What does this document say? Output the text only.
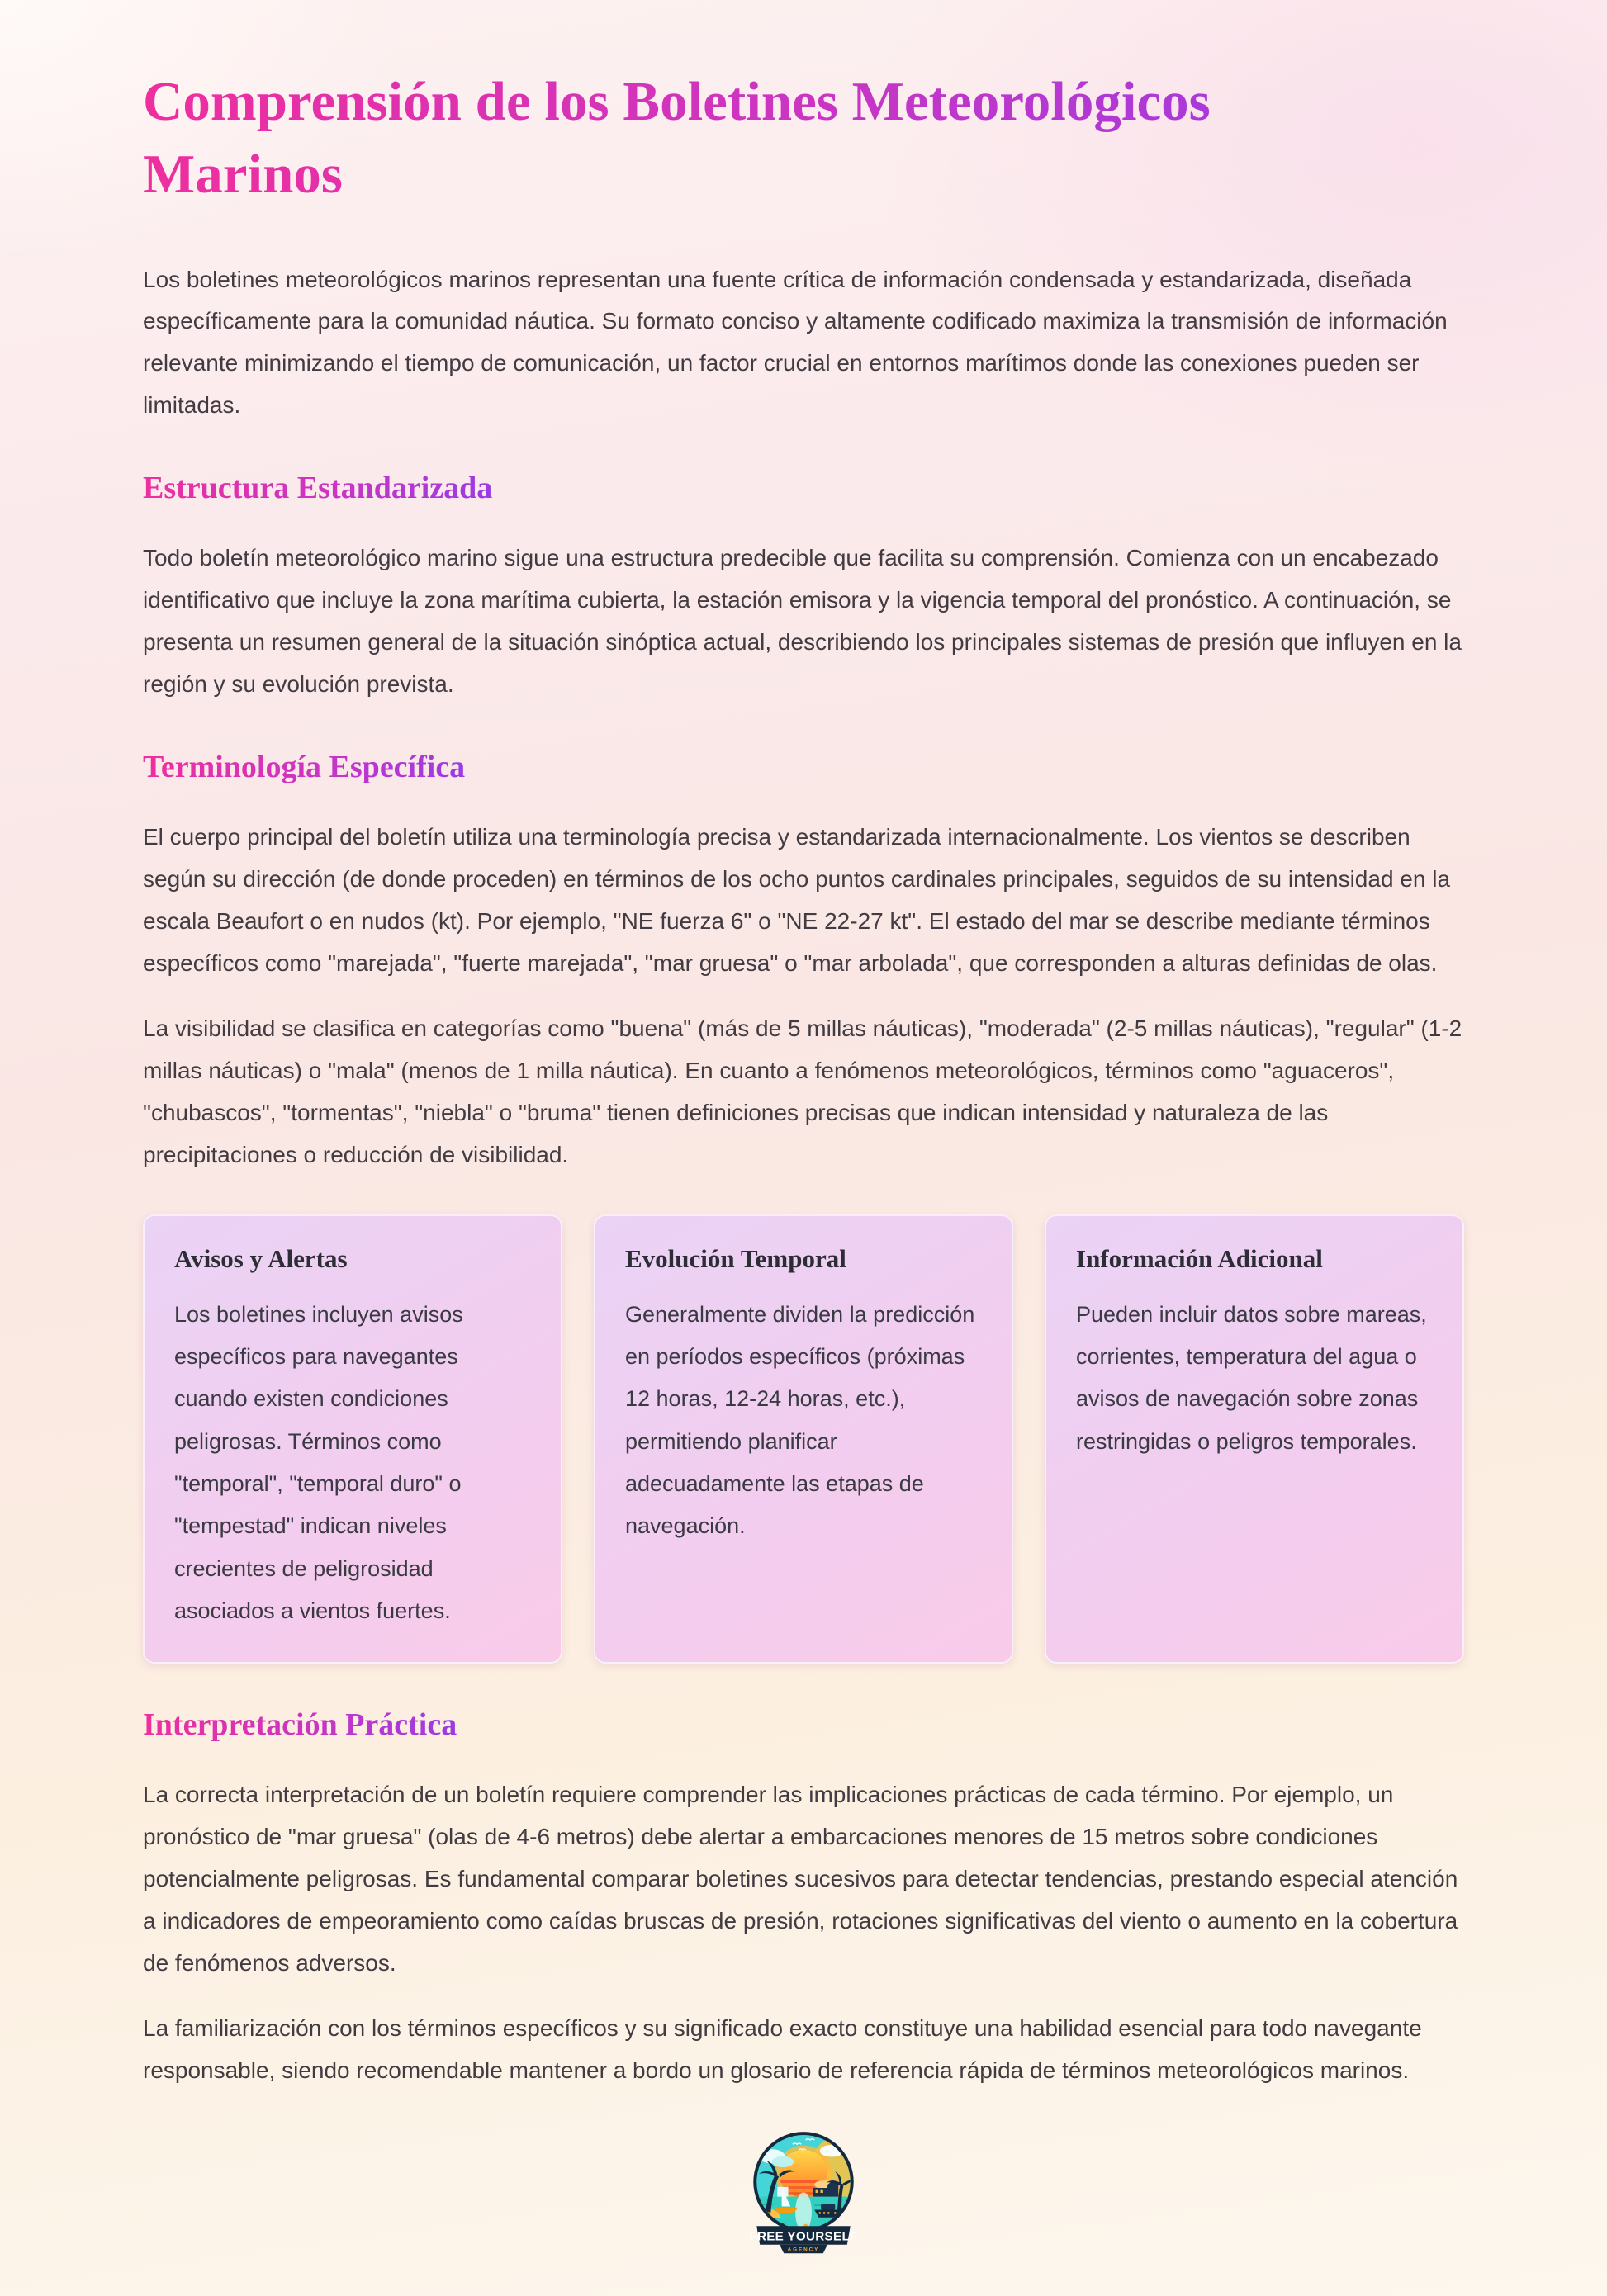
Comprensión de los Boletines Meteorológicos Marinos

Los boletines meteorológicos marinos representan una fuente crítica de información condensada y estandarizada, diseñada específicamente para la comunidad náutica. Su formato conciso y altamente codificado maximiza la transmisión de información relevante minimizando el tiempo de comunicación, un factor crucial en entornos marítimos donde las conexiones pueden ser limitadas.

Estructura Estandarizada

Todo boletín meteorológico marino sigue una estructura predecible que facilita su comprensión. Comienza con un encabezado identificativo que incluye la zona marítima cubierta, la estación emisora y la vigencia temporal del pronóstico. A continuación, se presenta un resumen general de la situación sinóptica actual, describiendo los principales sistemas de presión que influyen en la región y su evolución prevista.

Terminología Específica

El cuerpo principal del boletín utiliza una terminología precisa y estandarizada internacionalmente. Los vientos se describen según su dirección (de donde proceden) en términos de los ocho puntos cardinales principales, seguidos de su intensidad en la escala Beaufort o en nudos (kt). Por ejemplo, "NE fuerza 6" o "NE 22-27 kt". El estado del mar se describe mediante términos específicos como "marejada", "fuerte marejada", "mar gruesa" o "mar arbolada", que corresponden a alturas definidas de olas.

La visibilidad se clasifica en categorías como "buena" (más de 5 millas náuticas), "moderada" (2-5 millas náuticas), "regular" (1-2 millas náuticas) o "mala" (menos de 1 milla náutica). En cuanto a fenómenos meteorológicos, términos como "aguaceros", "chubascos", "tormentas", "niebla" o "bruma" tienen definiciones precisas que indican intensidad y naturaleza de las precipitaciones o reducción de visibilidad.

Avisos y Alertas

Los boletines incluyen avisos específicos para navegantes cuando existen condiciones peligrosas. Términos como "temporal", "temporal duro" o "tempestad" indican niveles crecientes de peligrosidad asociados a vientos fuertes.

Evolución Temporal

Generalmente dividen la predicción en períodos específicos (próximas 12 horas, 12-24 horas, etc.), permitiendo planificar adecuadamente las etapas de navegación.

Información Adicional

Pueden incluir datos sobre mareas, corrientes, temperatura del agua o avisos de navegación sobre zonas restringidas o peligros temporales.

Interpretación Práctica

La correcta interpretación de un boletín requiere comprender las implicaciones prácticas de cada término. Por ejemplo, un pronóstico de "mar gruesa" (olas de 4-6 metros) debe alertar a embarcaciones menores de 15 metros sobre condiciones potencialmente peligrosas. Es fundamental comparar boletines sucesivos para detectar tendencias, prestando especial atención a indicadores de empeoramiento como caídas bruscas de presión, rotaciones significativas del viento o aumento en la cobertura de fenómenos adversos.

La familiarización con los términos específicos y su significado exacto constituye una habilidad esencial para todo navegante responsable, siendo recomendable mantener a bordo un glosario de referencia rápida de términos meteorológicos marinos.

FREE YOURSELF
AGENCY
